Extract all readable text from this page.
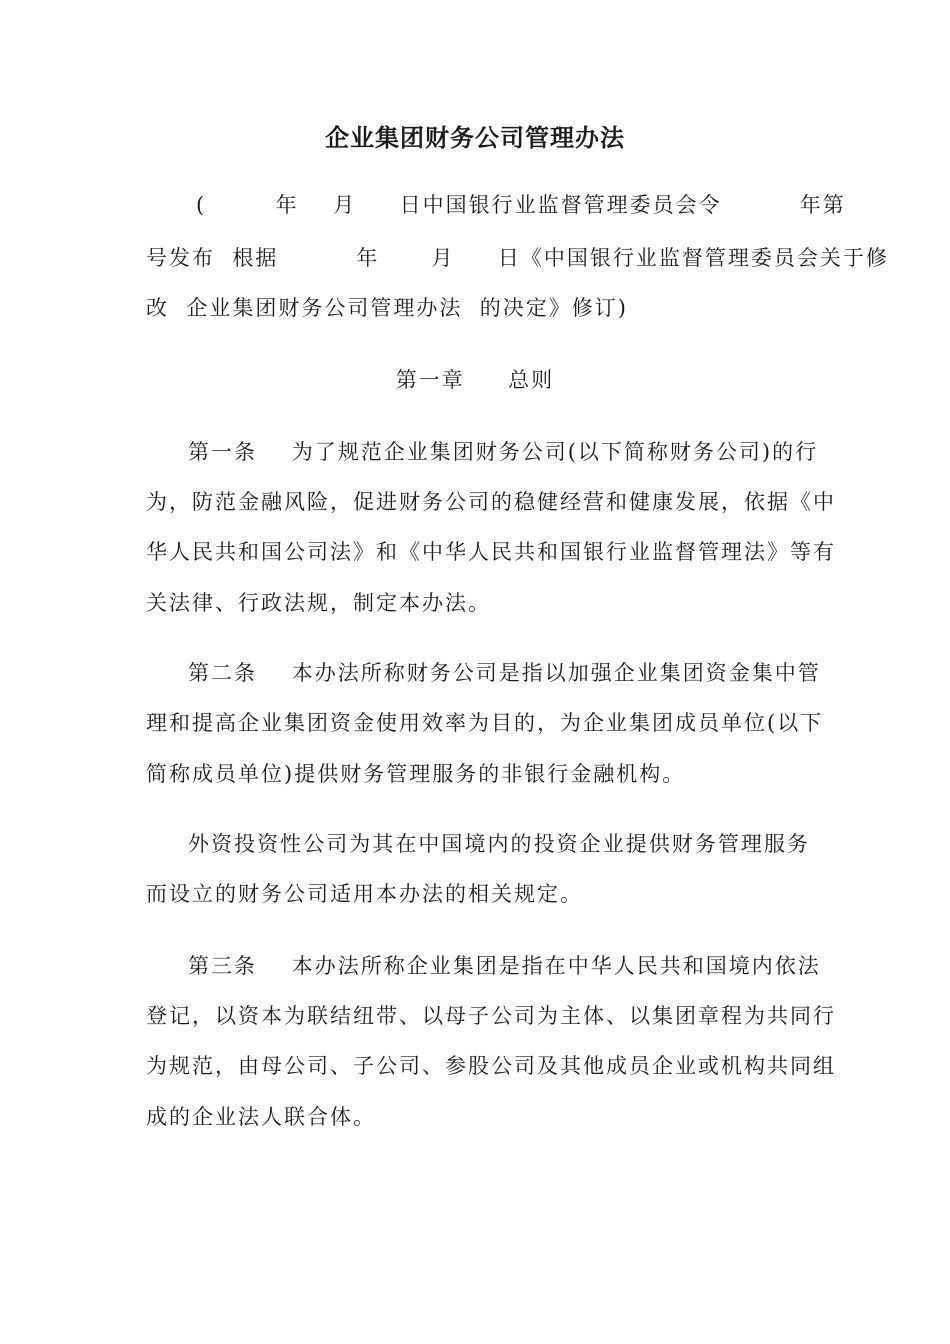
企业集团财务公司管理办法
(        年    月     日中国银行业监督管理委员会令         年第
号发布  根据         年      月     日《中国银行业监督管理委员会关于修
改  企业集团财务公司管理办法  的决定》修订)
第一章     总则
第一条    为了规范企业集团财务公司(以下简称财务公司)的行
为，防范金融风险，促进财务公司的稳健经营和健康发展，依据《中
华人民共和国公司法》和《中华人民共和国银行业监督管理法》等有
关法律、行政法规，制定本办法。
第二条    本办法所称财务公司是指以加强企业集团资金集中管
理和提高企业集团资金使用效率为目的，为企业集团成员单位(以下
简称成员单位)提供财务管理服务的非银行金融机构。
外资投资性公司为其在中国境内的投资企业提供财务管理服务
而设立的财务公司适用本办法的相关规定。
第三条    本办法所称企业集团是指在中华人民共和国境内依法
登记，以资本为联结纽带、以母子公司为主体、以集团章程为共同行
为规范，由母公司、子公司、参股公司及其他成员企业或机构共同组
成的企业法人联合体。
